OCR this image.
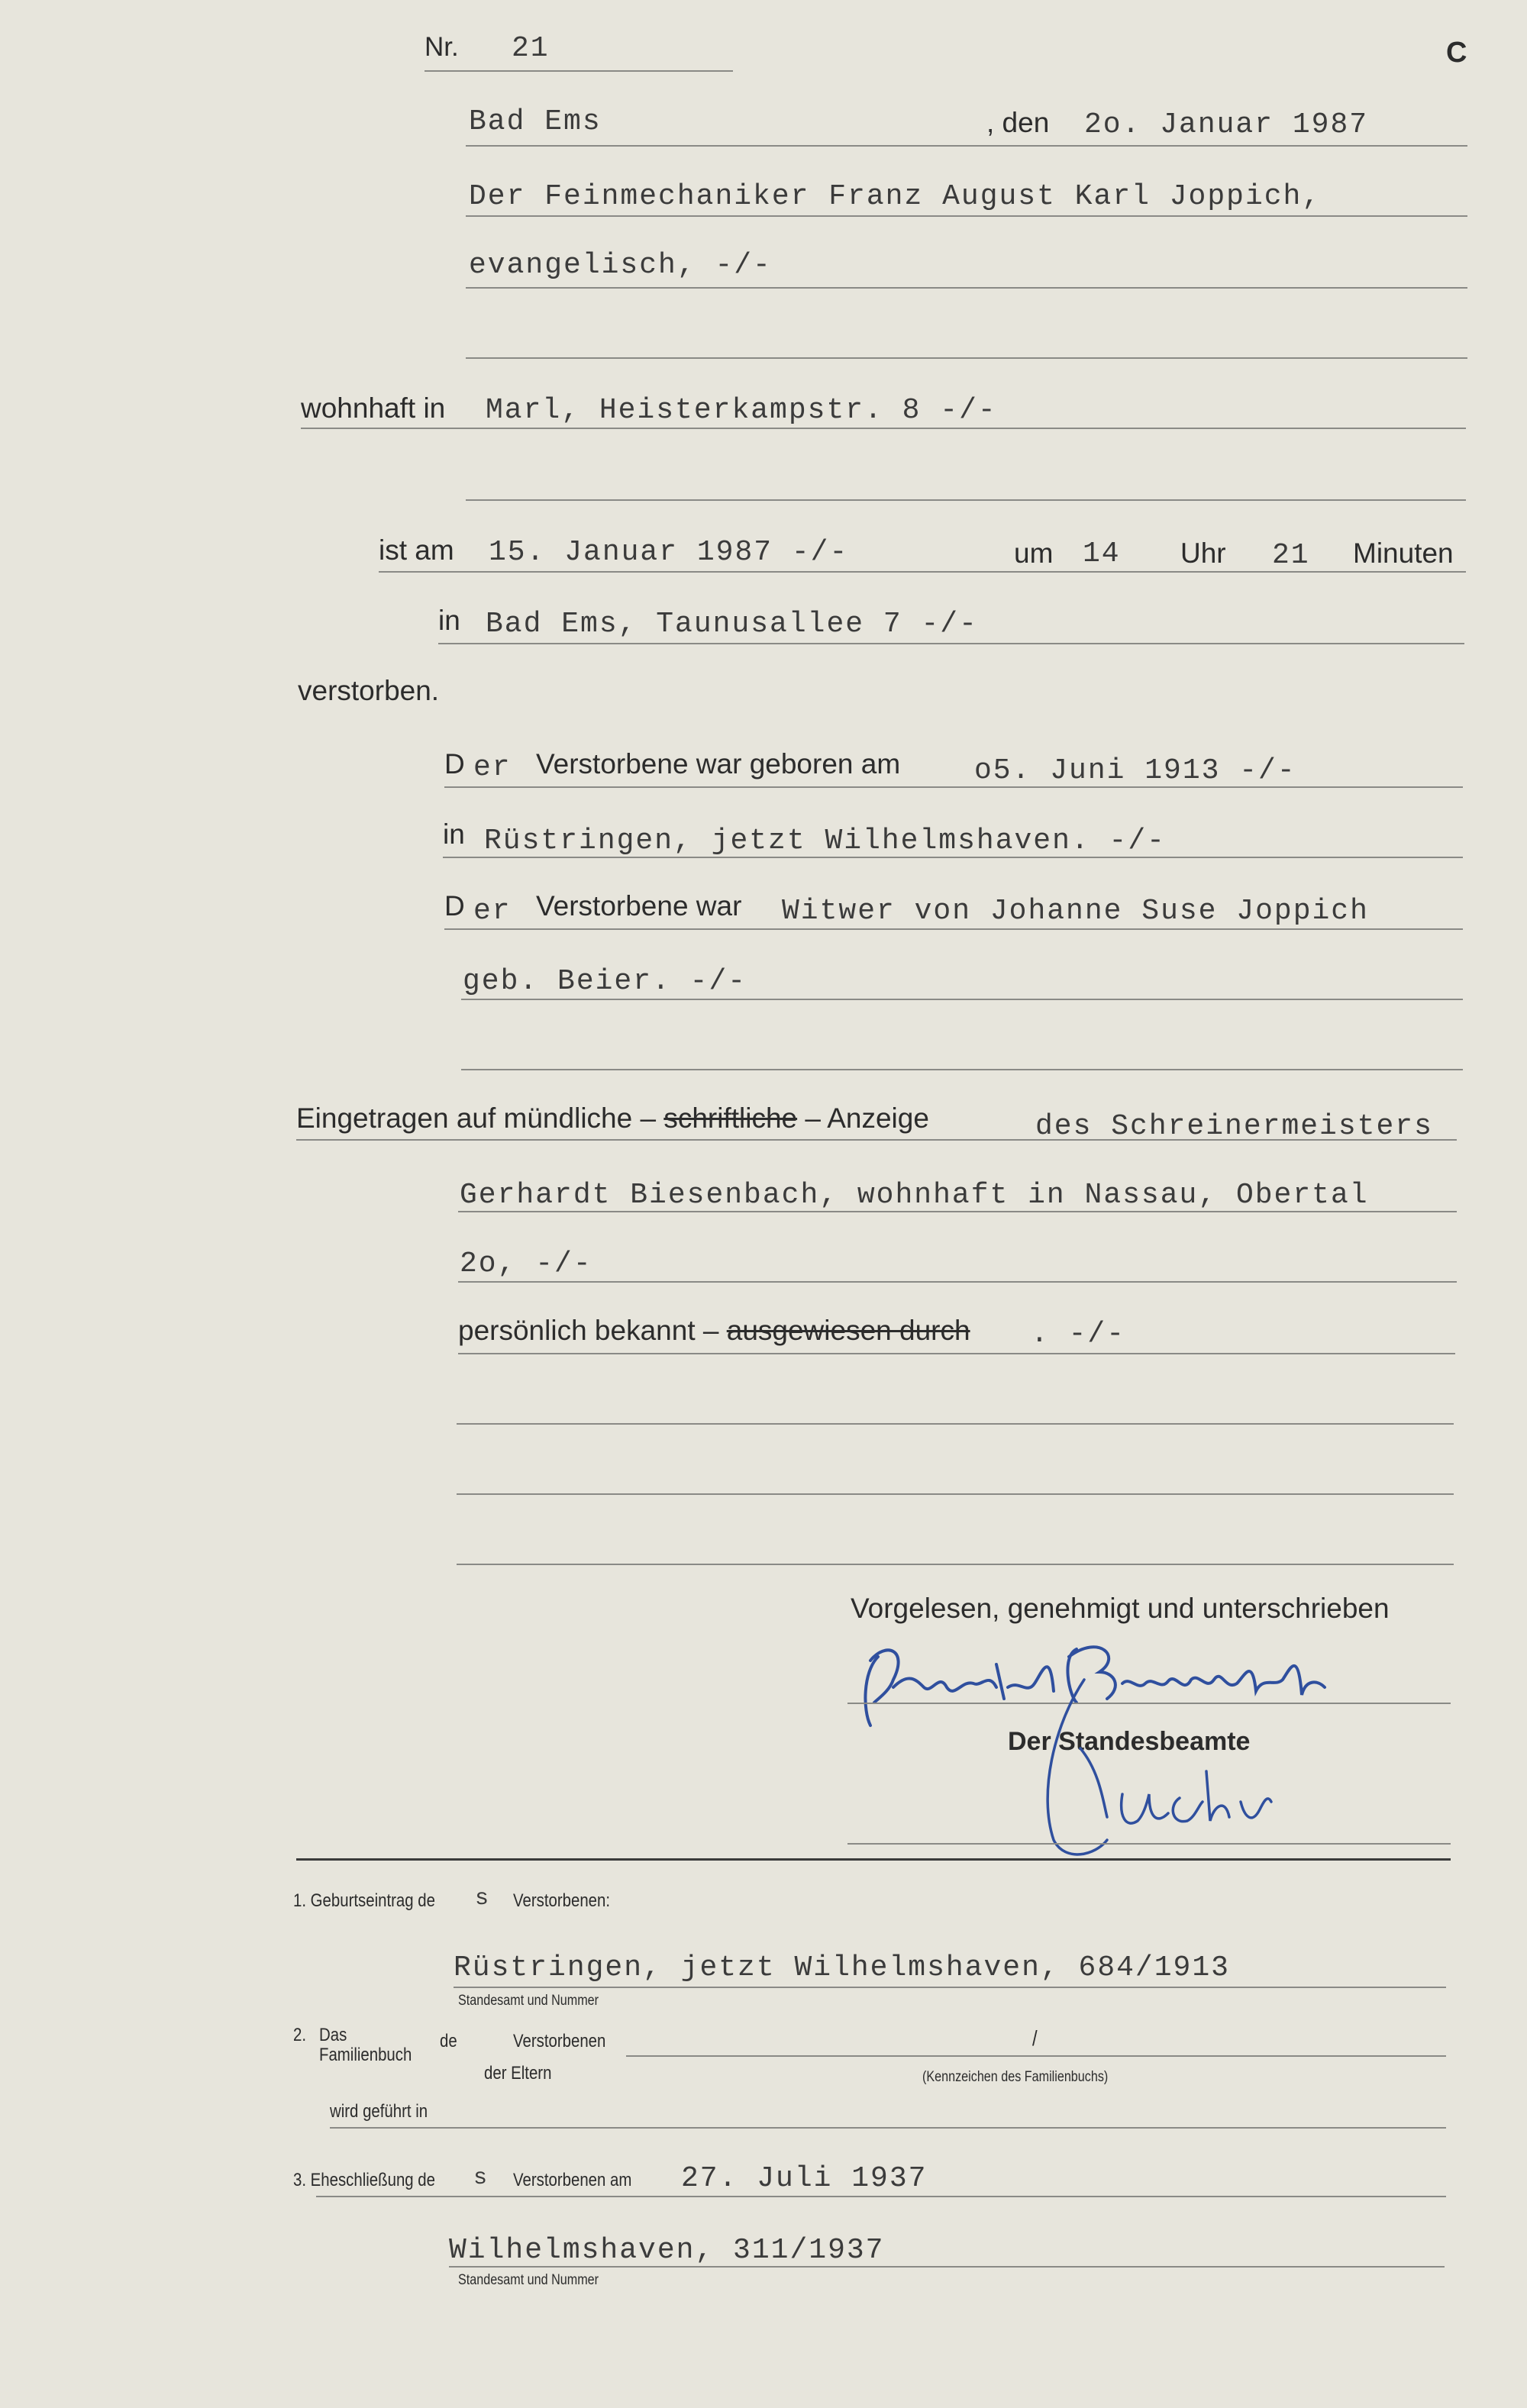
Nr. 21	C
Bad Ems	, den 2o. Januar 1987
Der Feinmechaniker Franz August Karl Joppich,
evangelisch, -/-
wohnhaft in Marl, Heisterkampstr. 8 -/-
ist am 15. Januar 1987 -/-	um 14 Uhr 21 Minuten
in Bad Ems, Taunusallee 7 -/-
verstorben.
D er Verstorbene war geboren am	o5. Juni 1913 -/-
in Rüstringen, jetzt Wilhelmshaven. -/-
D er Verstorbene war Witwer von Johanne Suse Joppich
geb. Beier. -/-
Eingetragen auf mündliche – schriftliche – Anzeige	des Schreinermeisters
Gerhardt Biesenbach, wohnhaft in Nassau, Obertal
2o, -/-
persönlich bekannt – ausgewiesen durch . -/-
Vorgelesen, genehmigt und unterschrieben
Der Standesbeamte
1. Geburtseintrag de s Verstorbenen:
Rüstringen, jetzt Wilhelmshaven, 684/1913
Standesamt und Nummer
2. Das
Familienbuch
de	Verstorbenen	/
der Eltern	(Kennzeichen des Familienbuchs)
wird geführt in
3. Eheschließung de s Verstorbenen am 27. Juli 1937
Wilhelmshaven, 311/1937
Standesamt und Nummer
